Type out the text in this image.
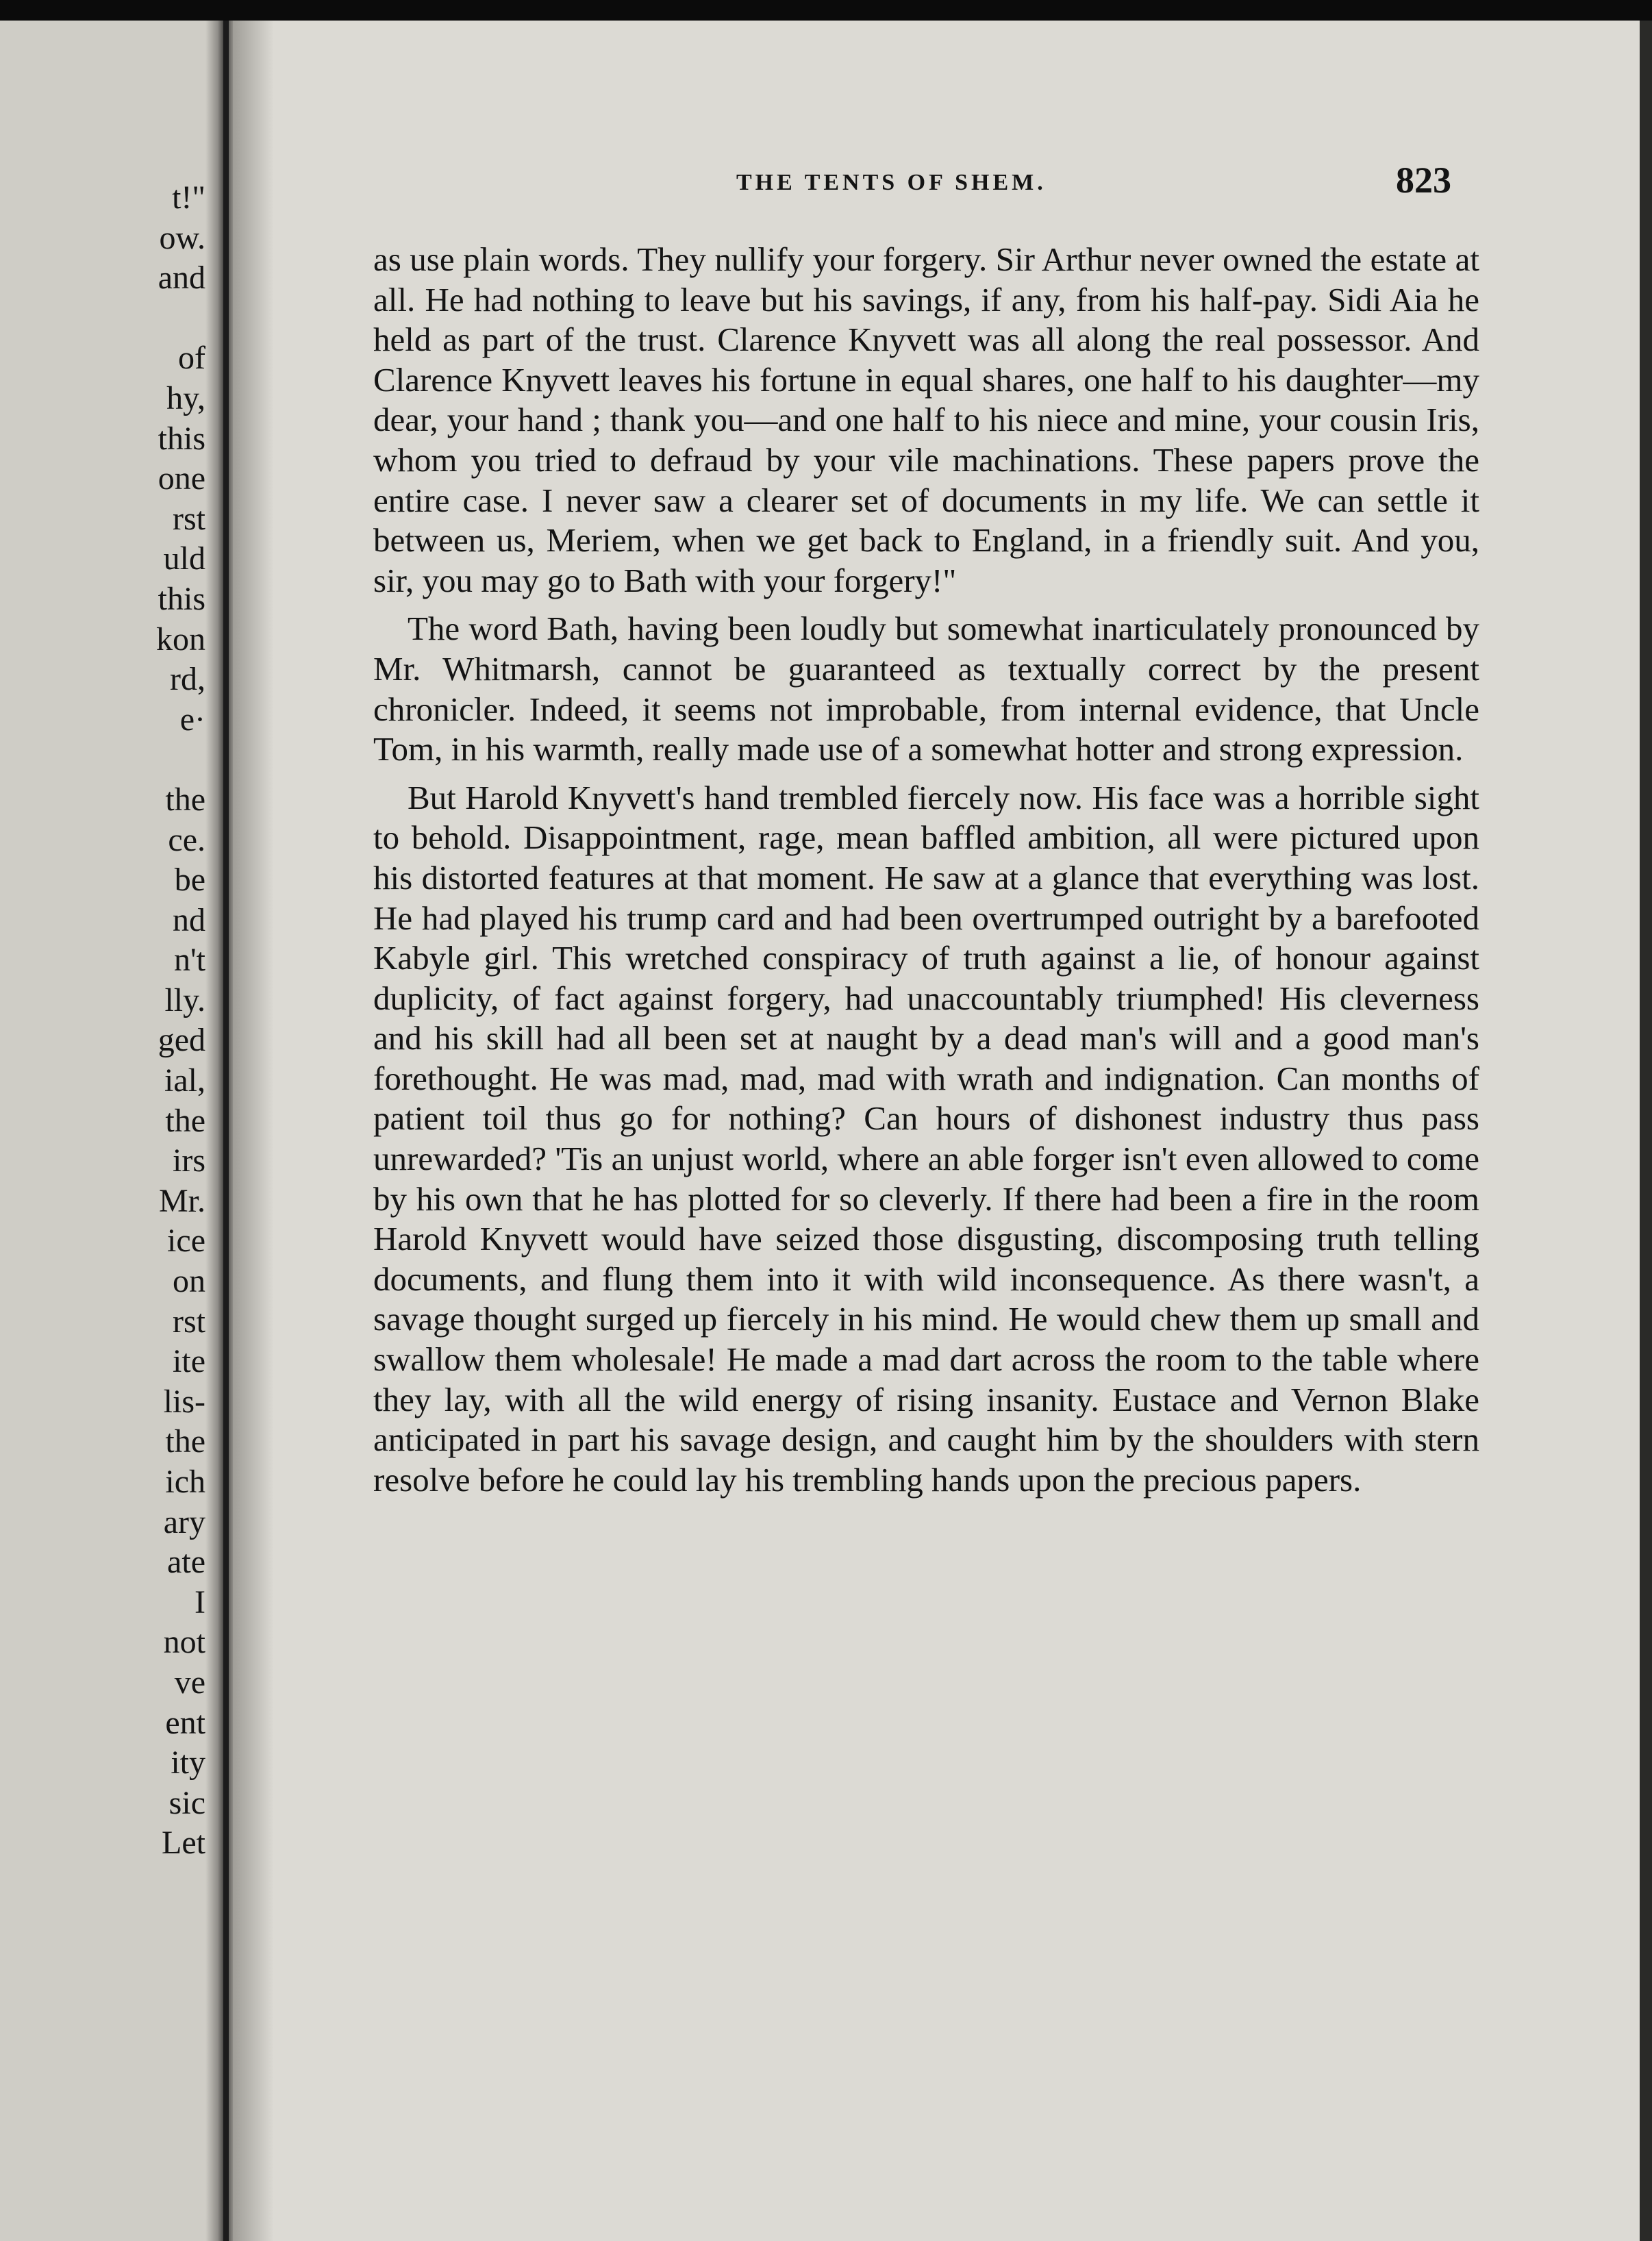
t!"
ow.
and
of
hy,
this
one
rst
uld
this
kon
rd,
e·
the
ce.
be
nd
n't
lly.
ged
ial,
the
irs
Mr.
ice
on
rst
ite
lis-
the
ich
ary
ate
I
not
ve
ent
ity
sic
Let
THE TENTS OF SHEM.	823

as use plain words. They nullify your forgery. Sir Arthur never owned the estate at all. He had nothing to leave but his savings, if any, from his half-pay. Sidi Aia he held as part of the trust. Clarence Knyvett was all along the real possessor. And Clarence Knyvett leaves his fortune in equal shares, one half to his daughter—my dear, your hand ; thank you—and one half to his niece and mine, your cousin Iris, whom you tried to defraud by your vile machinations. These papers prove the entire case. I never saw a clearer set of documents in my life. We can settle it between us, Meriem, when we get back to England, in a friendly suit. And you, sir, you may go to Bath with your forgery!"

The word Bath, having been loudly but somewhat inarticulately pronounced by Mr. Whitmarsh, cannot be guaranteed as textually correct by the present chronicler. Indeed, it seems not improbable, from internal evidence, that Uncle Tom, in his warmth, really made use of a somewhat hotter and strong expression.

But Harold Knyvett's hand trembled fiercely now. His face was a horrible sight to behold. Disappointment, rage, mean baffled ambition, all were pictured upon his distorted features at that moment. He saw at a glance that everything was lost. He had played his trump card and had been overtrumped outright by a barefooted Kabyle girl. This wretched conspiracy of truth against a lie, of honour against duplicity, of fact against forgery, had unaccountably triumphed! His cleverness and his skill had all been set at naught by a dead man's will and a good man's forethought. He was mad, mad, mad with wrath and indignation. Can months of patient toil thus go for nothing? Can hours of dishonest industry thus pass unrewarded? 'Tis an unjust world, where an able forger isn't even allowed to come by his own that he has plotted for so cleverly. If there had been a fire in the room Harold Knyvett would have seized those disgusting, discomposing truth telling documents, and flung them into it with wild inconsequence. As there wasn't, a savage thought surged up fiercely in his mind. He would chew them up small and swallow them wholesale! He made a mad dart across the room to the table where they lay, with all the wild energy of rising insanity. Eustace and Vernon Blake anticipated in part his savage design, and caught him by the shoulders with stern resolve before he could lay his trembling hands upon the precious papers.
